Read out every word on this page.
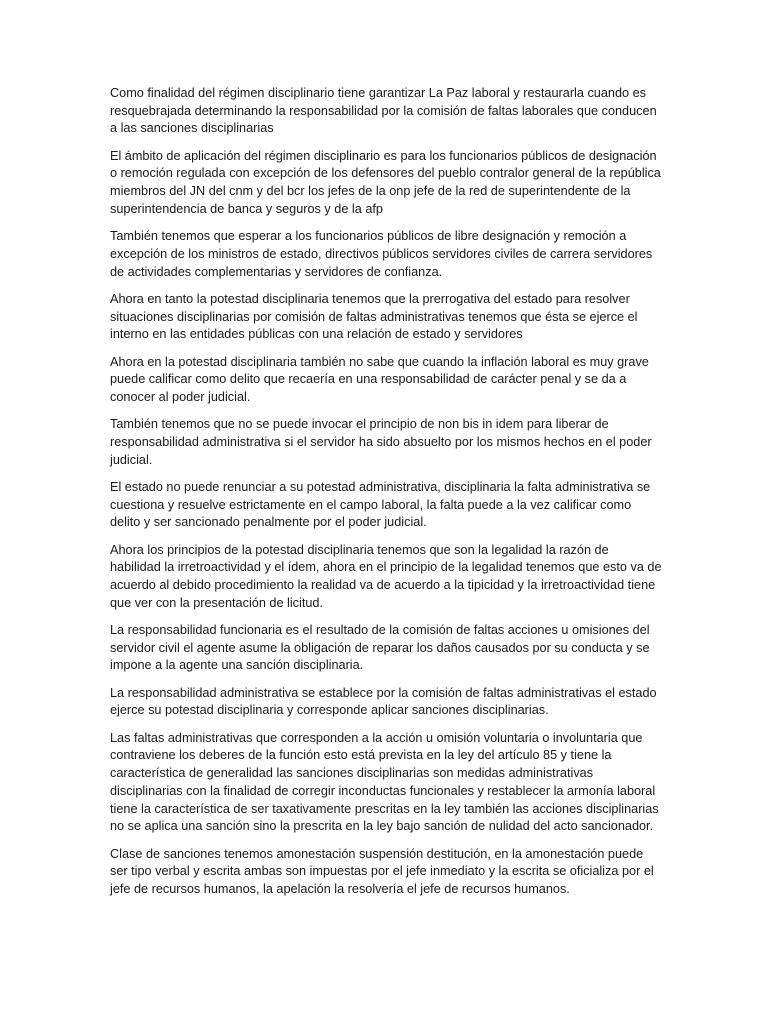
Como finalidad del régimen disciplinario tiene garantizar La Paz laboral y restaurarla cuando es resquebrajada determinando la responsabilidad por la comisión de faltas laborales que conducen a las sanciones disciplinarias

El ámbito de aplicación del régimen disciplinario es para los funcionarios públicos de designación o remoción regulada con excepción de los defensores del pueblo contralor general de la república miembros del JN del cnm y del bcr los jefes de la onp jefe de la red de superintendente de la superintendencia de banca y seguros y de la afp

También tenemos que esperar a los funcionarios públicos de libre designación y remoción a excepción de los ministros de estado, directivos públicos servidores civiles de carrera servidores de actividades complementarias y servidores de confianza.

Ahora en tanto la potestad disciplinaria tenemos que la prerrogativa del estado para resolver situaciones disciplinarias por comisión de faltas administrativas tenemos que ésta se ejerce el interno en las entidades públicas con una relación de estado y servidores

Ahora en la potestad disciplinaria también no sabe que cuando la inflación laboral es muy grave puede calificar como delito que recaería en una responsabilidad de carácter penal y se da a conocer al poder judicial.

También tenemos que no se puede invocar el principio de non bis in idem para liberar de responsabilidad administrativa si el servidor ha sido absuelto por los mismos hechos en el poder judicial.

El estado no puede renunciar a su potestad administrativa, disciplinaria la falta administrativa se cuestiona y resuelve estrictamente en el campo laboral, la falta puede a la vez calificar como delito y ser sancionado penalmente por el poder judicial.

Ahora los principios de la potestad disciplinaria tenemos que son la legalidad la razón de habilidad la irretroactividad y el ídem, ahora en el principio de la legalidad tenemos que esto va de acuerdo al debido procedimiento la realidad va de acuerdo a la tipicidad y la irretroactividad tiene que ver con la presentación de licitud.

La responsabilidad funcionaria es el resultado de la comisión de faltas acciones u omisiones del servidor civil el agente asume la obligación de reparar los daños causados por su conducta y se impone a la agente una sanción disciplinaria.

La responsabilidad administrativa se establece por la comisión de faltas administrativas el estado ejerce su potestad disciplinaria y corresponde aplicar sanciones disciplinarias.

Las faltas administrativas que corresponden a la acción u omisión voluntaria o involuntaria que contraviene los deberes de la función esto está prevista en la ley del artículo 85 y tiene la característica de generalidad las sanciones disciplinarias son medidas administrativas disciplinarias con la finalidad de corregir inconductas funcionales y restablecer la armonía laboral tiene la característica de ser taxativamente prescritas en la ley también las acciones disciplinarias no se aplica una sanción sino la prescrita en la ley bajo sanción de nulidad del acto sancionador.

Clase de sanciones tenemos amonestación suspensión destitución, en la amonestación puede ser tipo verbal y escrita ambas son impuestas por el jefe inmediato y la escrita se oficializa por el jefe de recursos humanos, la apelación la resolvería el jefe de recursos humanos.
